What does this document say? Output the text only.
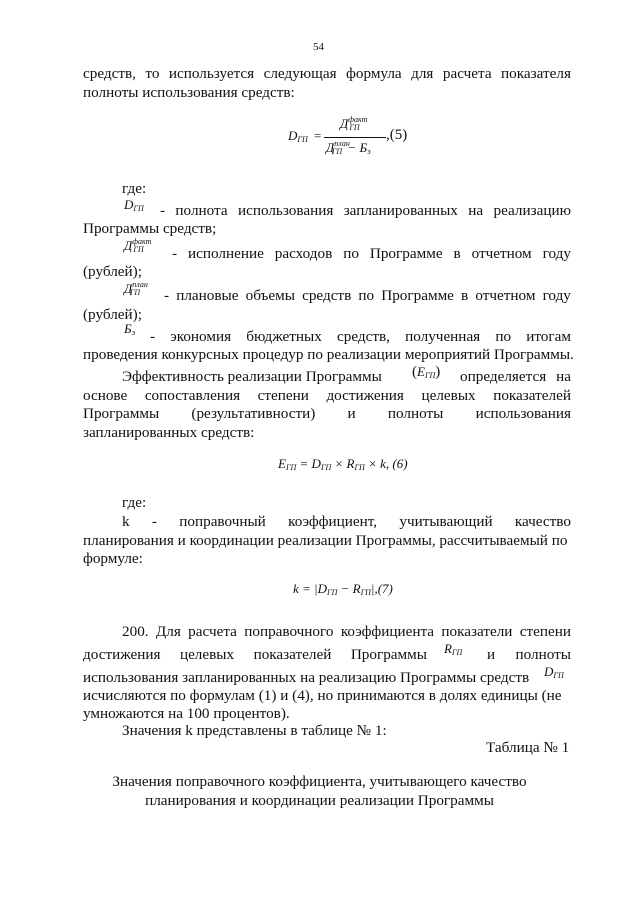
54
средств, то используется следующая формула для расчета показателя
полноты использования средств:
DГП =
$Д^{факт}ГП$
$Д^{план}ГП$ − Бэ
,(5)
где:
DГП - полнота использования запланированных на реализацию
Программы средств;
$Д^{факт}ГП$ - исполнение расходов по Программе в отчетном году
(рублей);
$Д^{план}ГП$ - плановые объемы средств по Программе в отчетном году
(рублей);
Бэ - экономия бюджетных средств, полученная по итогам
проведения конкурсных процедур по реализации мероприятий Программы.
Эффективность реализации Программы (EГП) определяется на
основе сопоставления степени достижения целевых показателей
Программы (результативности) и полноты использования
запланированных средств:
EГП = DГП × RГП × k, (6)
где:
k - поправочный коэффициент, учитывающий качество
планирования и координации реализации Программы, рассчитываемый по
формуле:
k = |DГП − RГП|,(7)
200. Для расчета поправочного коэффициента показатели степени
достижения целевых показателей Программы RГП и полноты
использования запланированных на реализацию Программы средств DГП
исчисляются по формулам (1) и (4), но принимаются в долях единицы (не
умножаются на 100 процентов).
Значения k представлены в таблице № 1:
Таблица № 1
Значения поправочного коэффициента, учитывающего качество
планирования и координации реализации Программы
